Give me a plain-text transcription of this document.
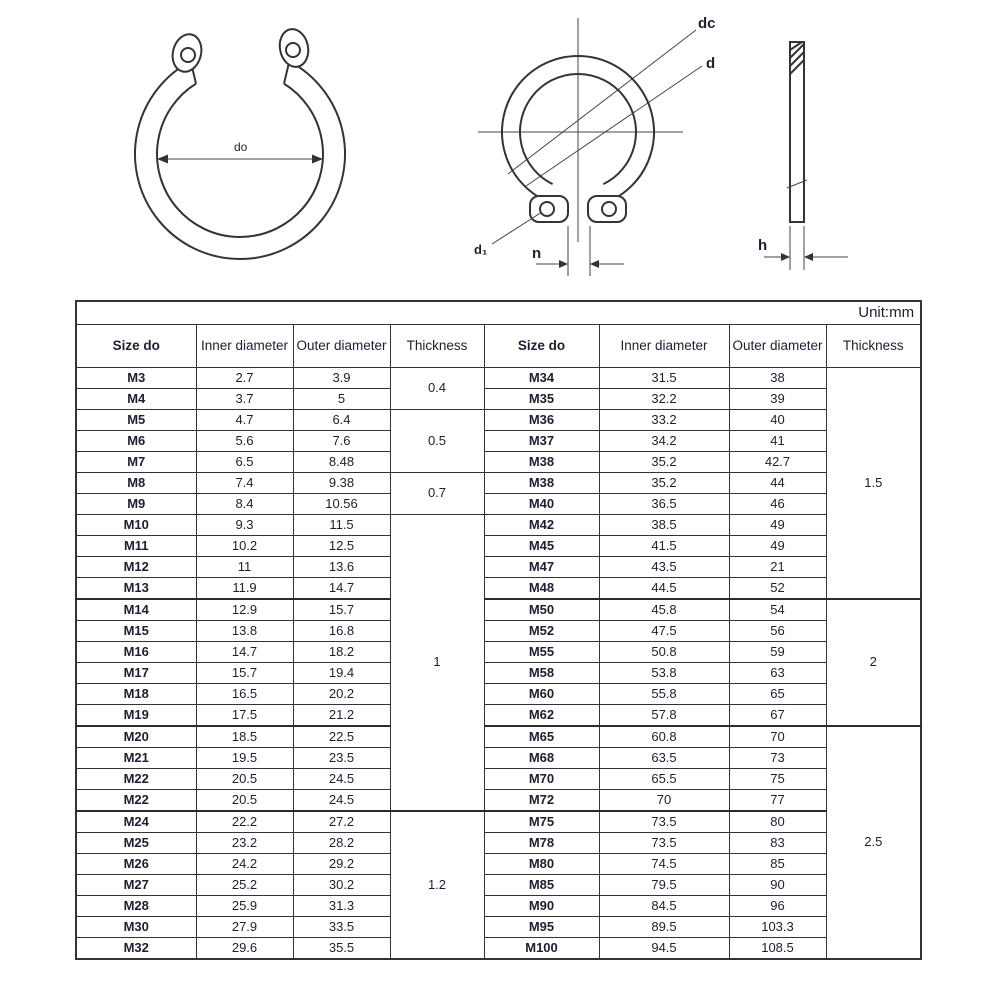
do
dc
d
d₁	n	h
Unit:mm							
Size do	Inner diameter	Outer diameter	Thickness	Size do	Inner diameter	Outer diameter	Thickness
M3	2.7	3.9	0.4	M34	31.5	38	1.5
M4	3.7	5		M35	32.2	39	
M5	4.7	6.4	0.5	M36	33.2	40	
M6	5.6	7.6		M37	34.2	41	
M7	6.5	8.48		M38	35.2	42.7	
M8	7.4	9.38	0.7	M38	35.2	44	
M9	8.4	10.56		M40	36.5	46	
M10	9.3	11.5	1	M42	38.5	49	
M11	10.2	12.5		M45	41.5	49	
M12	11	13.6		M47	43.5	21	
M13	11.9	14.7		M48	44.5	52	
M14	12.9	15.7		M50	45.8	54	2
M15	13.8	16.8		M52	47.5	56	
M16	14.7	18.2		M55	50.8	59	
M17	15.7	19.4		M58	53.8	63	
M18	16.5	20.2		M60	55.8	65	
M19	17.5	21.2		M62	57.8	67	
M20	18.5	22.5		M65	60.8	70	2.5
M21	19.5	23.5		M68	63.5	73	
M22	20.5	24.5		M70	65.5	75	
M22	20.5	24.5		M72	70	77	
M24	22.2	27.2	1.2	M75	73.5	80	
M25	23.2	28.2		M78	73.5	83	
M26	24.2	29.2		M80	74.5	85	
M27	25.2	30.2		M85	79.5	90	
M28	25.9	31.3		M90	84.5	96	
M30	27.9	33.5		M95	89.5	103.3	
M32	29.6	35.5		M100	94.5	108.5	
